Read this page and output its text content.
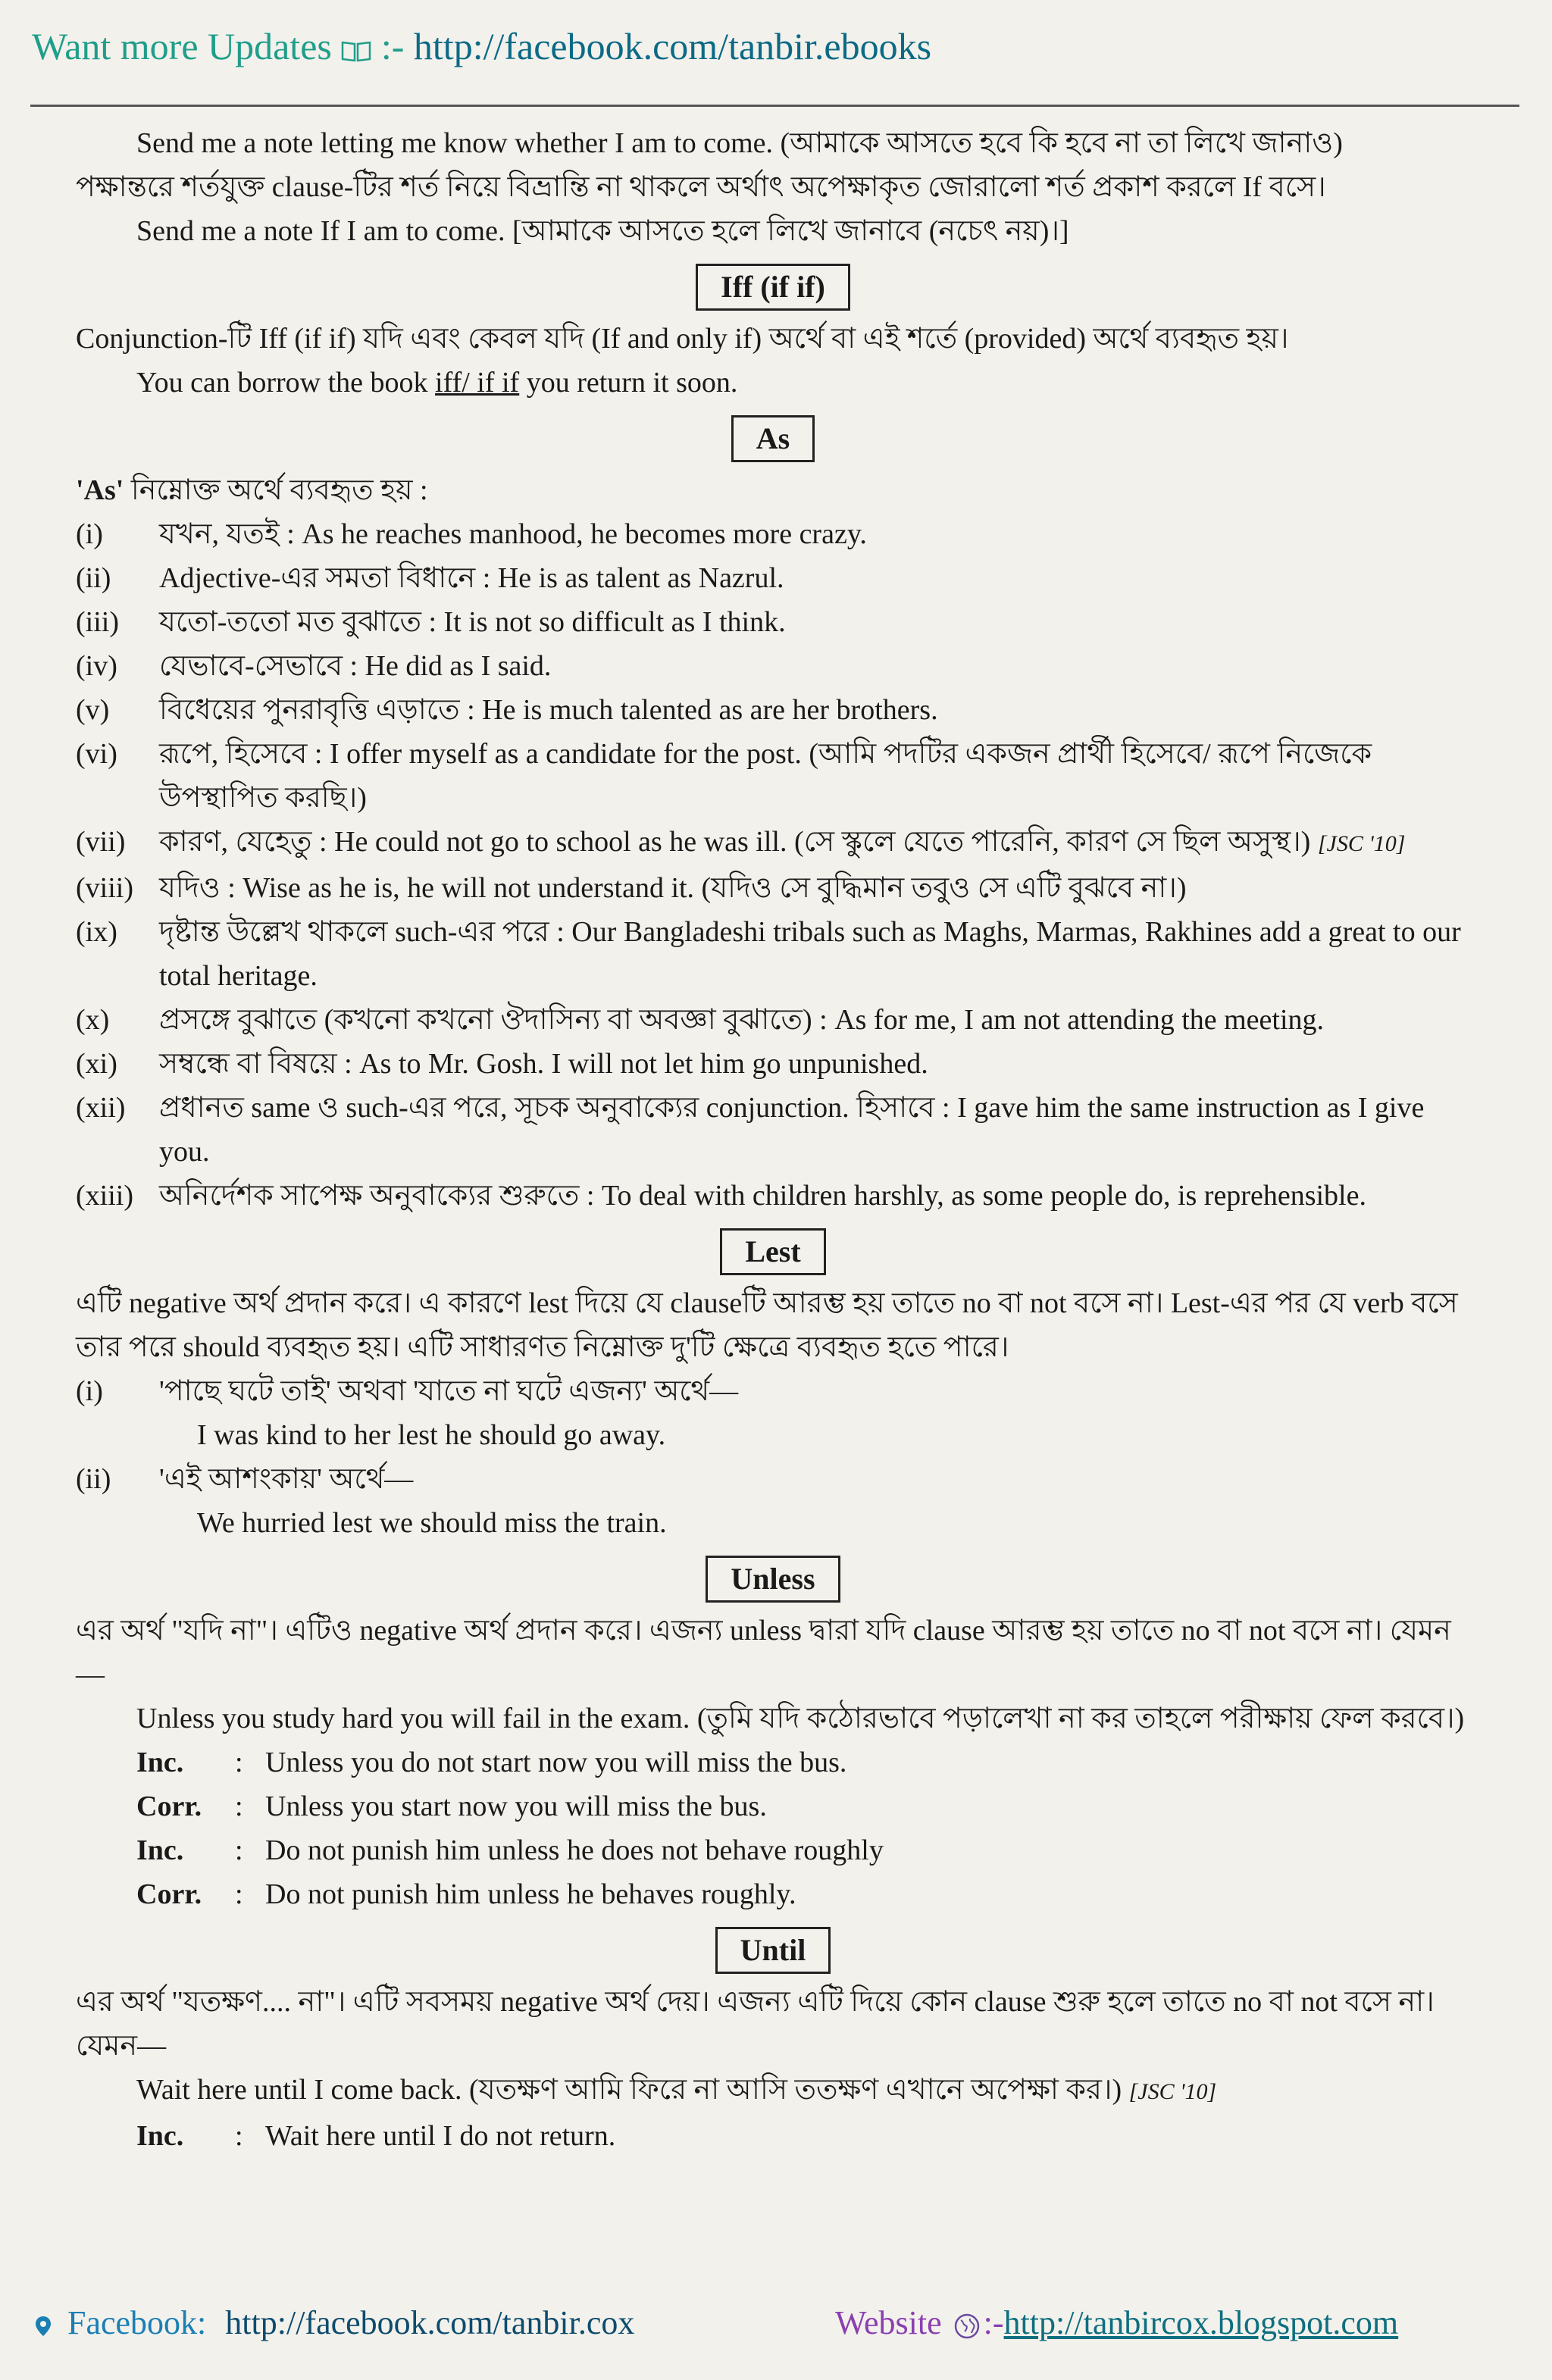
Want more Updates :- http://facebook.com/tanbir.ebooks

Send me a note letting me know whether I am to come. (আমাকে আসতে হবে কি হবে না তা লিখে জানাও)

পক্ষান্তরে শর্তযুক্ত clause-টির শর্ত নিয়ে বিভ্রান্তি না থাকলে অর্থাৎ অপেক্ষাকৃত জোরালো শর্ত প্রকাশ করলে If বসে।

Send me a note If I am to come. [আমাকে আসতে হলে লিখে জানাবে (নচেৎ নয়)।]

Iff (if if)

Conjunction-টি Iff (if if) যদি এবং কেবল যদি (If and only if) অর্থে বা এই শর্তে (provided) অর্থে ব্যবহৃত হয়।

You can borrow the book iff/ if if you return it soon.

As

'As' নিম্নোক্ত অর্থে ব্যবহৃত হয় :

(i)	যখন, যতই : As he reaches manhood, he becomes more crazy.
(ii)	Adjective-এর সমতা বিধানে : He is as talent as Nazrul.
(iii)	যতো-ততো মত বুঝাতে : It is not so difficult as I think.
(iv)	যেভাবে-সেভাবে : He did as I said.
(v)	বিধেয়ের পুনরাবৃত্তি এড়াতে : He is much talented as are her brothers.
(vi)	রূপে, হিসেবে : I offer myself as a candidate for the post. (আমি পদটির একজন প্রার্থী হিসেবে/ রূপে নিজেকে উপস্থাপিত করছি।)
(vii)	কারণ, যেহেতু : He could not go to school as he was ill. (সে স্কুলে যেতে পারেনি, কারণ সে ছিল অসুস্থ।) [JSC '10]
(viii) যদিও : Wise as he is, he will not understand it. (যদিও সে বুদ্ধিমান তবুও সে এটি বুঝবে না।)
(ix)	দৃষ্টান্ত উল্লেখ থাকলে such-এর পরে : Our Bangladeshi tribals such as Maghs, Marmas, Rakhines add a great to our total heritage.
(x)	প্রসঙ্গে বুঝাতে (কখনো কখনো ঔদাসিন্য বা অবজ্ঞা বুঝাতে) : As for me, I am not attending the meeting.
(xi)	সম্বন্ধে বা বিষয়ে : As to Mr. Gosh. I will not let him go unpunished.
(xii)	প্রধানত same ও such-এর পরে, সূচক অনুবাক্যের conjunction. হিসাবে : I gave him the same instruction as I give you.
(xiii) অনির্দেশক সাপেক্ষ অনুবাক্যের শুরুতে : To deal with children harshly, as some people do, is reprehensible.
Lest

এটি negative অর্থ প্রদান করে। এ কারণে lest দিয়ে যে clauseটি আরম্ভ হয় তাতে no বা not বসে না। Lest-এর পর যে verb বসে তার পরে should ব্যবহৃত হয়। এটি সাধারণত নিম্নোক্ত দু'টি ক্ষেত্রে ব্যবহৃত হতে পারে।

(i)	'পাছে ঘটে তাই' অথবা 'যাতে না ঘটে এজন্য' অর্থে—

I was kind to her lest he should go away.

(ii)	'এই আশংকায়' অর্থে—

We hurried lest we should miss the train.

Unless

এর অর্থ "যদি না"। এটিও negative অর্থ প্রদান করে। এজন্য unless দ্বারা যদি clause আরম্ভ হয় তাতে no বা not বসে না। যেমন—

Unless you study hard you will fail in the exam. (তুমি যদি কঠোরভাবে পড়ালেখা না কর তাহলে পরীক্ষায় ফেল করবে।)

Inc.	: Unless you do not start now you will miss the bus.
Corr.	: Unless you start now you will miss the bus.
Inc.	: Do not punish him unless he does not behave roughly
Corr.	: Do not punish him unless he behaves roughly.
Until

এর অর্থ "যতক্ষণ.... না"। এটি সবসময় negative অর্থ দেয়। এজন্য এটি দিয়ে কোন clause শুরু হলে তাতে no বা not বসে না। যেমন—

Wait here until I come back. (যতক্ষণ আমি ফিরে না আসি ততক্ষণ এখানে অপেক্ষা কর।) [JSC '10]

Inc.	: Wait here until I do not return.
Facebook: http://facebook.com/tanbir.cox	Website :-http://tanbircox.blogspot.com
